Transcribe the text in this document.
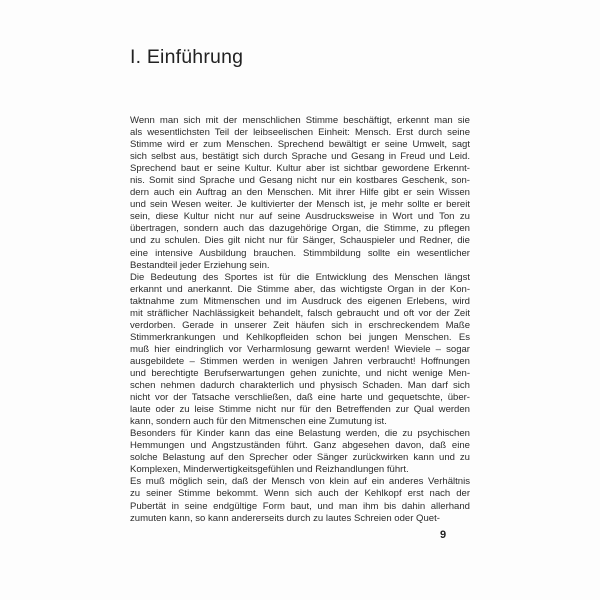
I. Einführung
Wenn man sich mit der menschlichen Stimme beschäftigt, erkennt man sie
als wesentlichsten Teil der leibseelischen Einheit: Mensch. Erst durch seine
Stimme wird er zum Menschen. Sprechend bewältigt er seine Umwelt, sagt
sich selbst aus, bestätigt sich durch Sprache und Gesang in Freud und Leid.
Sprechend baut er seine Kultur. Kultur aber ist sichtbar gewordene Erkennt-
nis. Somit sind Sprache und Gesang nicht nur ein kostbares Geschenk, son-
dern auch ein Auftrag an den Menschen. Mit ihrer Hilfe gibt er sein Wissen
und sein Wesen weiter. Je kultivierter der Mensch ist, je mehr sollte er bereit
sein, diese Kultur nicht nur auf seine Ausdrucksweise in Wort und Ton zu
übertragen, sondern auch das dazugehörige Organ, die Stimme, zu pflegen
und zu schulen. Dies gilt nicht nur für Sänger, Schauspieler und Redner, die
eine intensive Ausbildung brauchen. Stimmbildung sollte ein wesentlicher
Bestandteil jeder Erziehung sein.
Die Bedeutung des Sportes ist für die Entwicklung des Menschen längst
erkannt und anerkannt. Die Stimme aber, das wichtigste Organ in der Kon-
taktnahme zum Mitmenschen und im Ausdruck des eigenen Erlebens, wird
mit sträflicher Nachlässigkeit behandelt, falsch gebraucht und oft vor der Zeit
verdorben. Gerade in unserer Zeit häufen sich in erschreckendem Maße
Stimmerkrankungen und Kehlkopfleiden schon bei jungen Menschen. Es
muß hier eindringlich vor Verharmlosung gewarnt werden! Wieviele – sogar
ausgebildete – Stimmen werden in wenigen Jahren verbraucht! Hoffnungen
und berechtigte Berufserwartungen gehen zunichte, und nicht wenige Men-
schen nehmen dadurch charakterlich und physisch Schaden. Man darf sich
nicht vor der Tatsache verschließen, daß eine harte und gequetschte, über-
laute oder zu leise Stimme nicht nur für den Betreffenden zur Qual werden
kann, sondern auch für den Mitmenschen eine Zumutung ist.
Besonders für Kinder kann das eine Belastung werden, die zu psychischen
Hemmungen und Angstzuständen führt. Ganz abgesehen davon, daß eine
solche Belastung auf den Sprecher oder Sänger zurückwirken kann und zu
Komplexen, Minderwertigkeitsgefühlen und Reizhandlungen führt.
Es muß möglich sein, daß der Mensch von klein auf ein anderes Verhältnis
zu seiner Stimme bekommt. Wenn sich auch der Kehlkopf erst nach der
Pubertät in seine endgültige Form baut, und man ihm bis dahin allerhand
zumuten kann, so kann andererseits durch zu lautes Schreien oder Quet-
9
